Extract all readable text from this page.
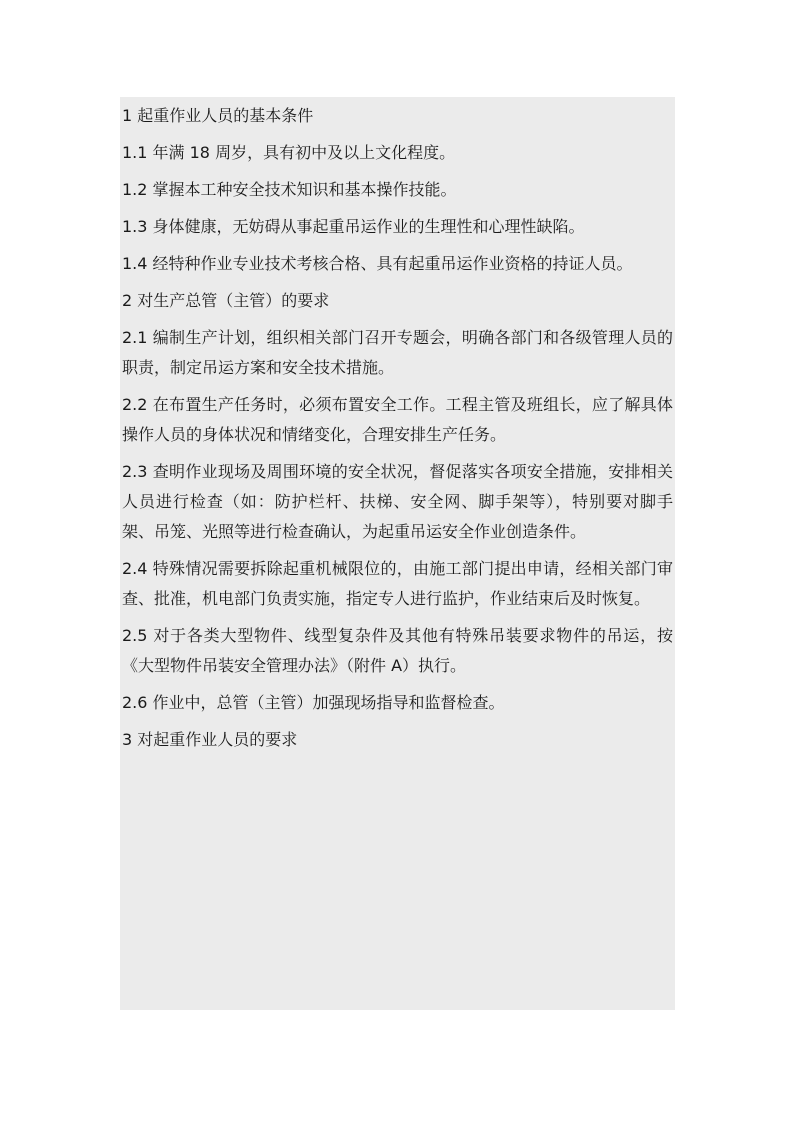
1 起重作业人员的基本条件

1.1 年满 18 周岁，具有初中及以上文化程度。

1.2 掌握本工种安全技术知识和基本操作技能。

1.3 身体健康，无妨碍从事起重吊运作业的生理性和心理性缺陷。

1.4 经特种作业专业技术考核合格、具有起重吊运作业资格的持证人员。

2 对生产总管（主管）的要求

2.1 编制生产计划，组织相关部门召开专题会，明确各部门和各级管理人员的职责，制定吊运方案和安全技术措施。

2.2 在布置生产任务时，必须布置安全工作。工程主管及班组长，应了解具体操作人员的身体状况和情绪变化，合理安排生产任务。

2.3 查明作业现场及周围环境的安全状况，督促落实各项安全措施，安排相关人员进行检查（如：防护栏杆、扶梯、安全网、脚手架等），特别要对脚手架、吊笼、光照等进行检查确认，为起重吊运安全作业创造条件。

2.4 特殊情况需要拆除起重机械限位的，由施工部门提出申请，经相关部门审查、批准，机电部门负责实施，指定专人进行监护，作业结束后及时恢复。

2.5 对于各类大型物件、线型复杂件及其他有特殊吊装要求物件的吊运，按《大型物件吊装安全管理办法》（附件 A）执行。

2.6 作业中，总管（主管）加强现场指导和监督检查。

3 对起重作业人员的要求
